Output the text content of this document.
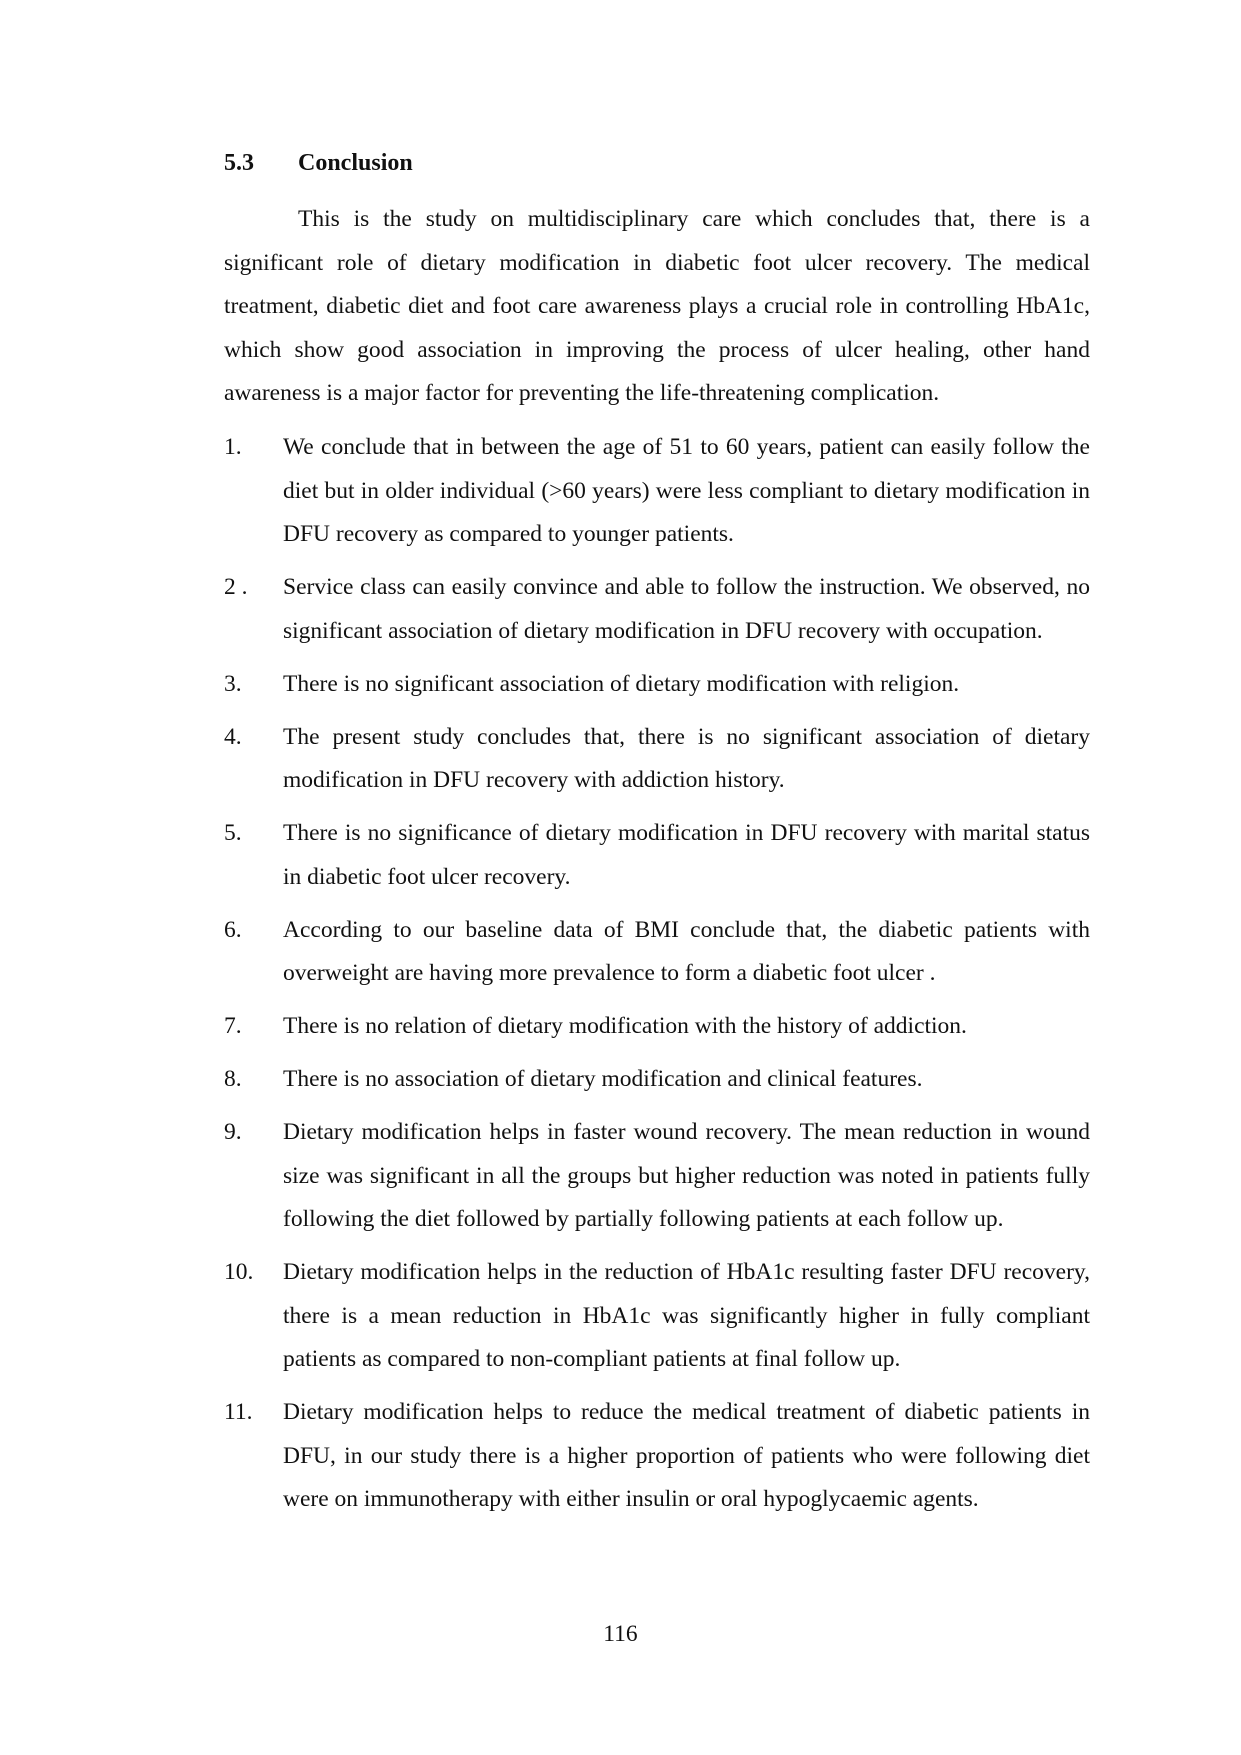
5.3 Conclusion

This is the study on multidisciplinary care which concludes that, there is a significant role of dietary modification in diabetic foot ulcer recovery. The medical treatment, diabetic diet and foot care awareness plays a crucial role in controlling HbA1c, which show good association in improving the process of ulcer healing, other hand awareness is a major factor for preventing the life-threatening complication.

1.	We conclude that in between the age of 51 to 60 years, patient can easily follow the diet but in older individual (>60 years) were less compliant to dietary modification in DFU recovery as compared to younger patients.
2 .	Service class can easily convince and able to follow the instruction. We observed, no significant association of dietary modification in DFU recovery with occupation.
3.	There is no significant association of dietary modification with religion.
4.	The present study concludes that, there is no significant association of dietary modification in DFU recovery with addiction history.
5.	There is no significance of dietary modification in DFU recovery with marital status in diabetic foot ulcer recovery.
6.	According to our baseline data of BMI conclude that, the diabetic patients with overweight are having more prevalence to form a diabetic foot ulcer .
7.	There is no relation of dietary modification with the history of addiction.
8.	There is no association of dietary modification and clinical features.
9.	Dietary modification helps in faster wound recovery. The mean reduction in wound size was significant in all the groups but higher reduction was noted in patients fully following the diet followed by partially following patients at each follow up.
10.	Dietary modification helps in the reduction of HbA1c resulting faster DFU recovery, there is a mean reduction in HbA1c was significantly higher in fully compliant patients as compared to non-compliant patients at final follow up.
11.	Dietary modification helps to reduce the medical treatment of diabetic patients in DFU, in our study there is a higher proportion of patients who were following diet were on immunotherapy with either insulin or oral hypoglycaemic agents.
116
